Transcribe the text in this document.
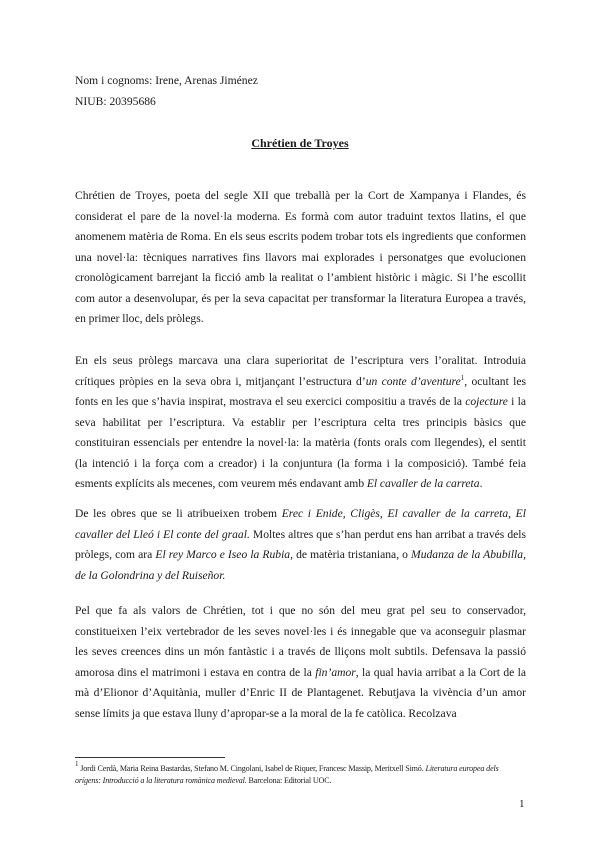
Nom i cognoms: Irene, Arenas Jiménez
NIUB: 20395686
Chrétien de Troyes

Chrétien de Troyes, poeta del segle XII que treballà per la Cort de Xampanya i Flandes, és considerat el pare de la novel·la moderna. Es formà com autor traduint textos llatins, el que anomenem matèria de Roma. En els seus escrits podem trobar tots els ingredients que conformen una novel·la: tècniques narratives fins llavors mai explorades i personatges que evolucionen cronològicament barrejant la ficció amb la realitat o l’ambient històric i màgic. Si l’he escollit com autor a desenvolupar, és per la seva capacitat per transformar la literatura Europea a través, en primer lloc, dels pròlegs.

En els seus pròlegs marcava una clara superioritat de l’escriptura vers l’oralitat. Introduia crítiques pròpies en la seva obra i, mitjançant l’estructura d’un conte d’aventure$^1$, ocultant les fonts en les que s’havia inspirat, mostrava el seu exercici compositiu a través de la cojecture i la seva habilitat per l’escriptura. Va establir per l’escriptura celta tres principis bàsics que constituiran essencials per entendre la novel·la: la matèria (fonts orals com llegendes), el sentit (la intenció i la força com a creador) i la conjuntura (la forma i la composició). També feia esments explícits als mecenes, com veurem més endavant amb El cavaller de la carreta.

De les obres que se li atribueixen trobem Erec i Enide, Cligès, El cavaller de la carreta, El cavaller del Lleó i El conte del graal. Moltes altres que s’han perdut ens han arribat a través dels pròlegs, com ara El rey Marco e Iseo la Rubia, de matèria tristaniana, o Mudanza de la Abubilla, de la Golondrina y del Ruiseñor.

Pel que fa als valors de Chrétien, tot i que no són del meu grat pel seu to conservador, constitueixen l’eix vertebrador de les seves novel·les i és innegable que va aconseguir plasmar les seves creences dins un món fantàstic i a través de lliçons molt subtils. Defensava la passió amorosa dins el matrimoni i estava en contra de la fin’amor, la qual havia arribat a la Cort de la mà d’Elionor d’Aquitània, muller d’Enric II de Plantagenet. Rebutjava la vivència d’un amor sense límits ja que estava lluny d’apropar-se a la moral de la fe catòlica. Recolzava

$^1$ Jordi Cerdà, Maria Reina Bastardas, Stefano M. Cingolani, Isabel de Riquer, Francesc Massip, Meritxell Simó. Literatura europea dels orígens: Introducció a la literatura romànica medieval. Barcelona: Editorial UOC.
1
